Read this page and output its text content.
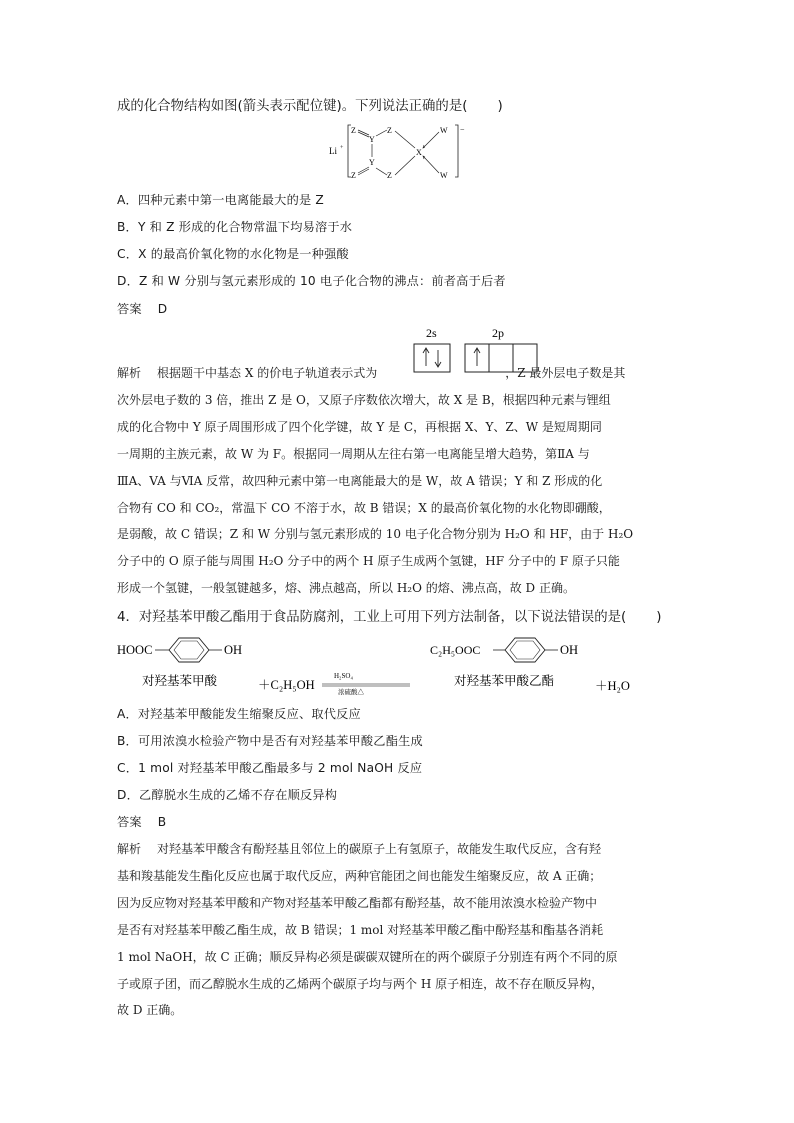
成的化合物结构如图(箭头表示配位键)。下列说法正确的是( )
Li +
Z
Y
Z
Y
Z	Z
X
W
W
−
A．四种元素中第一电离能最大的是 Z
B．Y 和 Z 形成的化合物常温下均易溶于水
C．X 的最高价氧化物的水化物是一种强酸
D．Z 和 W 分别与氢元素形成的 10 电子化合物的沸点：前者高于后者
答案 D
2s	2p
解析 根据题干中基态 X 的价电子轨道表示式为	，Z 最外层电子数是其
次外层电子数的 3 倍，推出 Z 是 O，又原子序数依次增大，故 X 是 B，根据四种元素与锂组
成的化合物中 Y 原子周围形成了四个化学键，故 Y 是 C，再根据 X、Y、Z、W 是短周期同
一周期的主族元素，故 W 为 F。根据同一周期从左往右第一电离能呈增大趋势，第ⅡA 与
ⅢA、VA 与ⅥA 反常，故四种元素中第一电离能最大的是 W，故 A 错误；Y 和 Z 形成的化
合物有 CO 和 CO₂，常温下 CO 不溶于水，故 B 错误；X 的最高价氧化物的水化物即硼酸，
是弱酸，故 C 错误；Z 和 W 分别与氢元素形成的 10 电子化合物分别为 H₂O 和 HF，由于 H₂O
分子中的 O 原子能与周围 H₂O 分子中的两个 H 原子生成两个氢键，HF 分子中的 F 原子只能
形成一个氢键，一般氢键越多，熔、沸点越高，所以 H₂O 的熔、沸点高，故 D 正确。
4．对羟基苯甲酸乙酯用于食品防腐剂，工业上可用下列方法制备，以下说法错误的是( )
HOOC	OH
对羟基苯甲酸	＋C₂H₅OH
H₂SO₄
浓硫酸△
C₂H₅OOC	OH
对羟基苯甲酸乙酯	＋H₂O
A．对羟基苯甲酸能发生缩聚反应、取代反应
B．可用浓溴水检验产物中是否有对羟基苯甲酸乙酯生成
C．1 mol 对羟基苯甲酸乙酯最多与 2 mol NaOH 反应
D．乙醇脱水生成的乙烯不存在顺反异构
答案 B
解析 对羟基苯甲酸含有酚羟基且邻位上的碳原子上有氢原子，故能发生取代反应，含有羟
基和羧基能发生酯化反应也属于取代反应，两种官能团之间也能发生缩聚反应，故 A 正确；
因为反应物对羟基苯甲酸和产物对羟基苯甲酸乙酯都有酚羟基，故不能用浓溴水检验产物中
是否有对羟基苯甲酸乙酯生成，故 B 错误；1 mol 对羟基苯甲酸乙酯中酚羟基和酯基各消耗
1 mol NaOH，故 C 正确；顺反异构必须是碳碳双键所在的两个碳原子分别连有两个不同的原
子或原子团，而乙醇脱水生成的乙烯两个碳原子均与两个 H 原子相连，故不存在顺反异构，
故 D 正确。
